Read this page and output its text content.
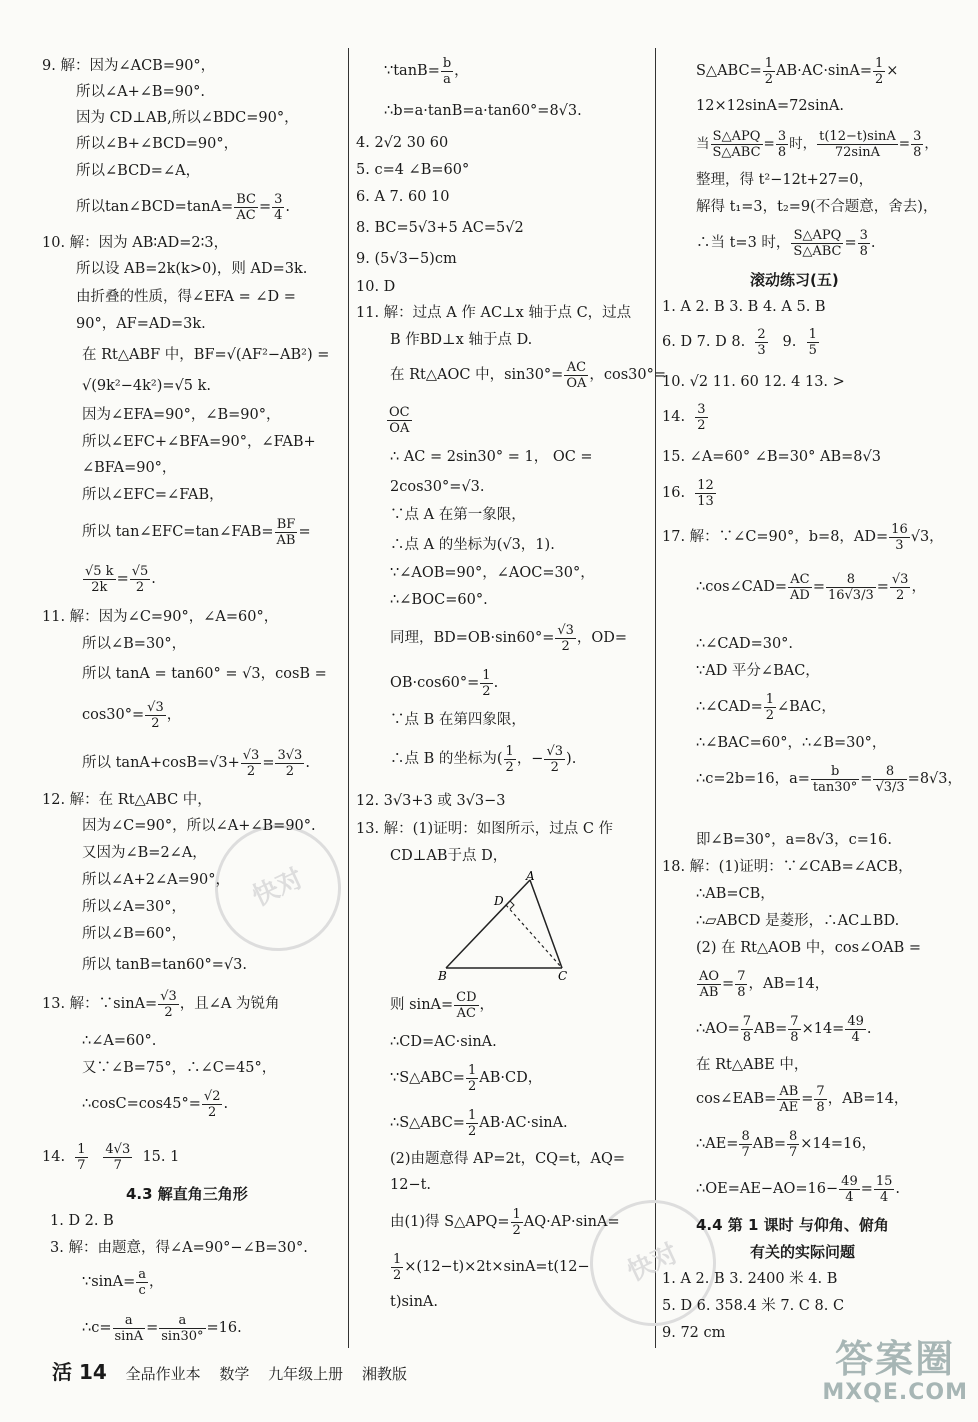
快对
快对
9. 解：因为∠ACB=90°，
所以∠A+∠B=90°.
因为 CD⊥AB,所以∠BDC=90°，
所以∠B+∠BCD=90°，
所以∠BCD=∠A，
所以tan∠BCD=tanA= $\frac{BC}{AC} = \frac{3}{4}$ .
10. 解：因为 AB∶AD=2∶3，
所以设 AB=2k(k>0)，则 AD=3k.
由折叠的性质，得∠EFA = ∠D =
90°，AF=AD=3k.
在 Rt△ABF 中，BF=√(AF²−AB²) =
√(9k²−4k²)=√5 k.
因为∠EFA=90°，∠B=90°，
所以∠EFC+∠BFA=90°，∠FAB+
∠BFA=90°，
所以∠EFC=∠FAB，
所以 tan∠EFC=tan∠FAB= $\frac{BF}{AB}$ =
$\frac{√5 k}{2k} = \frac{√5}{2}$ .
11. 解：因为∠C=90°，∠A=60°，
所以∠B=30°，
所以 tanA = tan60° = √3，cosB =
$\cos 30^\circ= \frac{√3}{2}$ ，
所以 $\tan A+\cos B=√3+ \frac{√3}{2} = \frac{3√3}{2}$ .
12. 解：在 Rt△ABC 中，
因为∠C=90°，所以∠A+∠B=90°.
又因为∠B=2∠A，
所以∠A+2∠A=90°，
所以∠A=30°，
所以∠B=60°，
所以 tanB=tan60°=√3.
13. 解：∵sinA= $\frac{√3}{2}$ ，且∠A 为锐角
∴∠A=60°.
又∵∠B=75°，∴∠C=45°，
∴cosC=cos45°= $\frac{√2}{2}$ .
14. $\frac{1}{7}$
$\frac{4√3}{7} 15$. 1
4.3 解直角三角形
1. D 2. B
3. 解：由题意，得∠A=90°−∠B=30°.
∵sinA= $\frac{a}{c}$ ，
∴c= $\frac{a}{\sin A} = \frac{a}{\sin 30^\circ} =16$.
∵tanB= $\frac{b}{a}$ ，
∴b=a·tanB=a·tan60°=8√3.
4. 2√2 30 60
5. c=4 ∠B=60°
6. A 7. 60 10
8. BC=5√3+5 AC=5√2
9. (5√3−5)cm
10. D
11. 解：过点 A 作 AC⊥x 轴于点 C，过点
B 作BD⊥x 轴于点 D.
在 Rt△AOC 中，$\sin 30^\circ= \frac{AC}{OA}$ ，cos30°=
$\frac{OC}{OA}$
∴ AC = 2sin30° = 1， OC =
2cos30°=√3.
∵点 A 在第一象限，
∴点 A 的坐标为(√3，1).
∵∠AOB=90°，∠AOC=30°，
∴∠BOC=60°.
同理，$BD=OB\cdot\sin 60^\circ= \frac{√3}{2}$ ，OD=
$OB\cdot\cos 60^\circ= \frac{1}{2}$ .
∵点 B 在第四象限，
∴点 B 的坐标为( $\frac{1}{2}$ ，− $\frac{√3}{2}$ ).
12. 3√3+3 或 3√3−3
13. 解：(1)证明：如图所示，过点 C 作
CD⊥AB于点 D，
A
B	C
D
则 $\sin A= \frac{CD}{AC}$ ，
∴CD=AC·sinA.
∵S△ABC= $\frac{1}{2} AB\cdot CD$，
∴S△ABC= $\frac{1}{2} AB\cdot AC\cdot\sin A$.
(2)由题意得 AP=2t，CQ=t，AQ=
12−t.
由(1)得 S△APQ= $\frac{1}{2} AQ\cdot AP\cdot\sin A=$
$\frac{1}{2} \times(12-t)\times 2t\times\sin A=t(12-$
t)sinA.
S△ABC= $\frac{1}{2} AB\cdot AC\cdot\sin A= \frac{1}{2}$ ×
12×12sinA=72sinA.
当 $\frac{\text{S△APQ}}{\text{S△ABC}} = \frac{3}{8}$ 时， $\frac{t(12-t)\sin A}{72\sin A} = \frac{3}{8}$ ，
整理，得 t²−12t+27=0，
解得 t₁=3，t₂=9(不合题意，舍去)，
∴当 t=3 时， $\frac{\text{S△APQ}}{\text{S△ABC}} = \frac{3}{8}$ .
滚动练习(五)
1. A 2. B 3. B 4. A 5. B
6. D 7. D 8. $\frac{2}{3} 9$. $\frac{1}{5}$
10. √2 11. 60 12. 4 13. >
14. $\frac{3}{2}$
15. ∠A=60° ∠B=30° AB=8√3
16. $\frac{12}{13}$
17. 解：∵∠C=90°，b=8，$AD= \frac{16}{3} √3$，
∴cos∠CAD= $\frac{AC}{AD} = \frac{8}{16√3/3} = \frac{√3}{2}$ ，
∴∠CAD=30°.
∵AD 平分∠BAC，
∴∠CAD= $\frac{1}{2}$ ∠BAC，
∴∠BAC=60°，∴∠B=30°，
∴c=2b=16，$a= \frac{b}{\tan 30^\circ} = \frac{8}{√3/3} =8√3$，
即∠B=30°，a=8√3，c=16.
18. 解：(1)证明：∵∠CAB=∠ACB，
∴AB=CB，
∴▱ABCD 是菱形，∴AC⊥BD.
(2) 在 Rt△AOB 中，cos∠OAB =
$\frac{AO}{AB} = \frac{7}{8}$ ，AB=14，
∴AO= $\frac{7}{8} AB= \frac{7}{8} \times 14= \frac{49}{4}$ .
在 Rt△ABE 中，
cos∠EAB= $\frac{AB}{AE} = \frac{7}{8}$ ，AB=14，
∴AE= $\frac{8}{7} AB= \frac{8}{7} \times 14=16$，
∴OE=AE−AO=16− $\frac{49}{4} = \frac{15}{4}$ .
4.4 第 1 课时 与仰角、俯角
有关的实际问题
1. A 2. B 3. 2400 米 4. B
5. D 6. 358.4 米 7. C 8. C
9. 72 cm
活 14 全品作业本 数学 九年级上册 湘教版	答案圈
MXQE.COM
